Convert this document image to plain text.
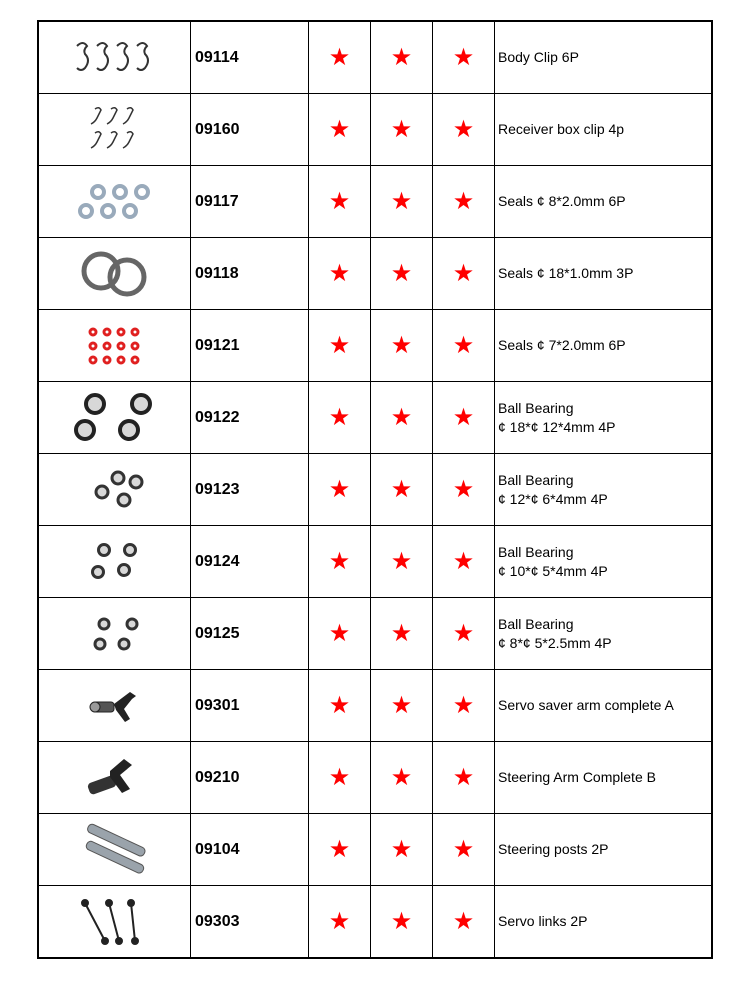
	09114	★	★	★	Body Clip 6P

	09160	★	★	★	Receiver box clip 4p

	09117	★	★	★	Seals ¢ 8*2.0mm 6P

	09118	★	★	★	Seals ¢ 18*1.0mm 3P

	09121	★	★	★	Seals ¢ 7*2.0mm 6P

	09122	★	★	★	Ball Bearing
¢ 18*¢ 12*4mm 4P

	09123	★	★	★	Ball Bearing
¢ 12*¢ 6*4mm 4P

	09124	★	★	★	Ball Bearing
¢ 10*¢ 5*4mm 4P

	09125	★	★	★	Ball Bearing
¢ 8*¢ 5*2.5mm 4P

	09301	★	★	★	Servo saver arm complete A

	09210	★	★	★	Steering Arm Complete B

	09104	★	★	★	Steering posts 2P

	09303	★	★	★	Servo links 2P
